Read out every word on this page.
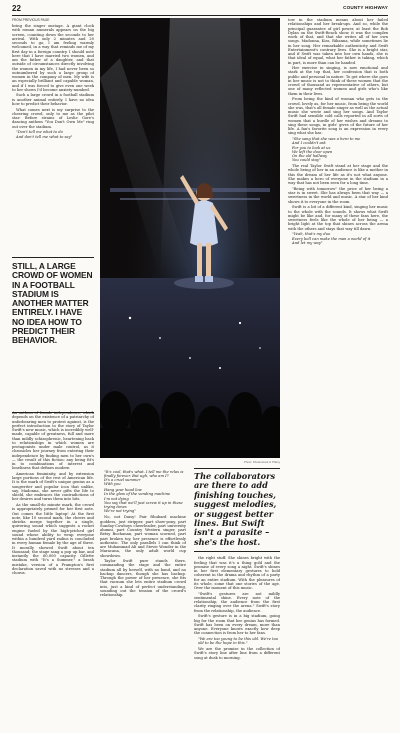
22	COUNTY HIGHWAY
FROM PREVIOUS PAGE

bring the singer onstage. A giant clock with roman numerals appears on the big screen, counting down the seconds to her arrival. With only 2 minutes and 20 seconds to go, I am feeling warmly welcomed, in a way that reminds me of my first day in a foreign country. I should note here that I have married two women, and am the father of a daughter, and that outside of circumstances directly involving the women in my life, I had never been so outnumbered by such a large group of women in the company of men. My wife is an especially brilliant and capable woman, and if I was forced to give even one week to her shows I'd become anxiety-numbed.

Such a large crowd in a football stadium is another animal entirely. I have no idea how to predict their behavior.

What comes next is my surprise to the cheering crowd, only to me as the pilot star: Before strains of Leslie Gore's dancing anthem "You Don't Own Me" ring out over the stadium.

"Don't tell me what to do
And don't tell me what to say"

STILL, A LARGE CROWD OF WOMEN IN A FOOTBALL STADIUM IS ANOTHER MATTER ENTIRELY. I HAVE NO IDEA HOW TO PREDICT THEIR BEHAVIOR.

An anthem of female independence, which depends on the existence of a patriarchy of unforbearing men to protest against, is the perfect introduction to the story of Taylor Swift's new music, which is incredibly well-made, capable of greatness, full and more than mildly schizophrenic, heartening back to relationships in which women are protagonists under male control, as it chronicles her journey from entering their independence by finding men to her own's — the result of this fiction: any being fit's in to combinations of interest and loneliness that defines modern

American femininity, and by extension large portions of the rest of American life. It is the mark of Swift's unique genius as a songwriter and popular icon that unlike, say, Madonna, she never gifts the life to shield, she embraces the contradictions of her desires and turns them into hits.

As the small-do minute mark, the crowd is appropriately primed for her first note. Out comes the little laptop! At the first note, like 10 second mark, the cheers and shrieks merge together in a single, quivering sound which suggests a rocket engine fueled by the high-pitched girl sound whose ability to wrap everyone within a hundred yard radius is concluded in every human female by the age of three. It morally showed Swift about ten thousand; the stage sang a pop up bar, and instantly the 60,000 capacity Gillette stadium with "It's a Summer," a brash mistake, version of a Frampton's first declaration saved with no stresses and a chorus.

Photo: Shutterstock & Tiffany

"It's cool, that's what. I tell me the relax is finally forever. But ugh, who am I?
It's a cruel summer
With you

Hang your head low
In the glow of the vending machine
I'm not dying
You say that we'll just screw it up in these trying times
We're not trying"

No, not Daisy! Fair Rhubard machine goddess, just stripper, part show-pony, part Sunday-Cowboys cheerleader, part university alumni, part Country Western singer, part Betsy Buchanan, part woman scorned, part part broken toy, her presence is effortlessly authentic. The only parallels I can think of are Muhammad Ali and Stevie Wonder in the Maracana, the only adult world cup showdown.

Taylor Swift pure stands there, commanding the stage and the entire stadium all by herself, with no band, and no backup dancers, though she has backup. Through the power of her presence, she fits that vacuum she lets entire stadium crowd into, just a kind of perfect understanding, sounding out the tension of the crowd's relationship.

The collaborators are there to add finishing touches, suggest melodies, or suggest better lines. But Swift isn't a parasite – she's the host.

the right stuff. She shines bright with the feeling that was it's a thing gold and the promise of every song a night. Swift's shines in her first elementary gestures to hold coherent in the drama and rhythm of a party for an entire stadium. With the pleasures of its whole, some that one stories of the age. Over the moment of this music.

"Swift's gestures are not mildly sentimental shine. Every note of the relationship, the audience from the first clarity ringing over the arena." Swift's story from the relationship, the audience.

Swift's gesture is in a big stadium, going big for the room that her genius has formed. Swift has been on every dream, more than anyone. Everyone knows exactly how deep the connection is from her to her fans.

"We are too young to be this old. We're too old to be the hope in this."

We are the promise in the collection of Swift's story line after line from a different song at dusk to morning.

tow in the stadium means about her failed relationships and her break-ups. And so, while the principal guarantee of girl power, at least the Bob Dylan on the Swift-Beach show, it was the complex work of that, and that she writes all of her own songs. Madonna, Kiss, Rihanna, while sometimes lie in her song. Her remarkable authenticity and Swift Entertainment's contrary lives. She is a bright star, and if Swift was taken into her own hands, she is that ideal of equal, what her father is taking, which in part, is more than can be handed.

Her exercise in singing, is now emotional and stark at the top that, her confession that is both public and personal in nature. To get where she goes in her music is not to think of these women that the crowd of thousand as representative of others, but one of many reflected women and girls who's like them in their lives.

From being the kind of woman who gets in the crowd, lovely as, for her music, from being the world she was, that's all female singer as well as the actual music she wrote and sing her songs. And Taylor Swift had sensible cold calls reported in all sorts of women that a hurdle of her wishes and dreams to sing these songs, in girls' gives of the future of her life. A fan's favorite song is an expression in every sing what she has.

"She sang that she was a hero to me
And I couldn't ask
For you to look at us
We left the door open
On the old hallway
You could stay"

The real Taylor Swift stand at her stage and the whole being of her in an audience is like a mother in this the dream of her life as it's not what anyone. She makes a hero of everyone in the stadium in a way that has not been seen for a long time.

"Being with tomorrow" the price of her being a star is in sweet. She has always been that way — a sweetness in the world and music. A star of her kind shows it to everyone in the room.

Swift is a bit of a different kind, singing her music to the whole with the sounds. It shows what Swift might be like and, for many of these fans here, the sweetness feels like the whole of her being — a bright light at the top that shines across the arena with the others and stays that way till dawn.

"Yeah, that's my duo
Every bell can make the man a world of it
And let my way"
